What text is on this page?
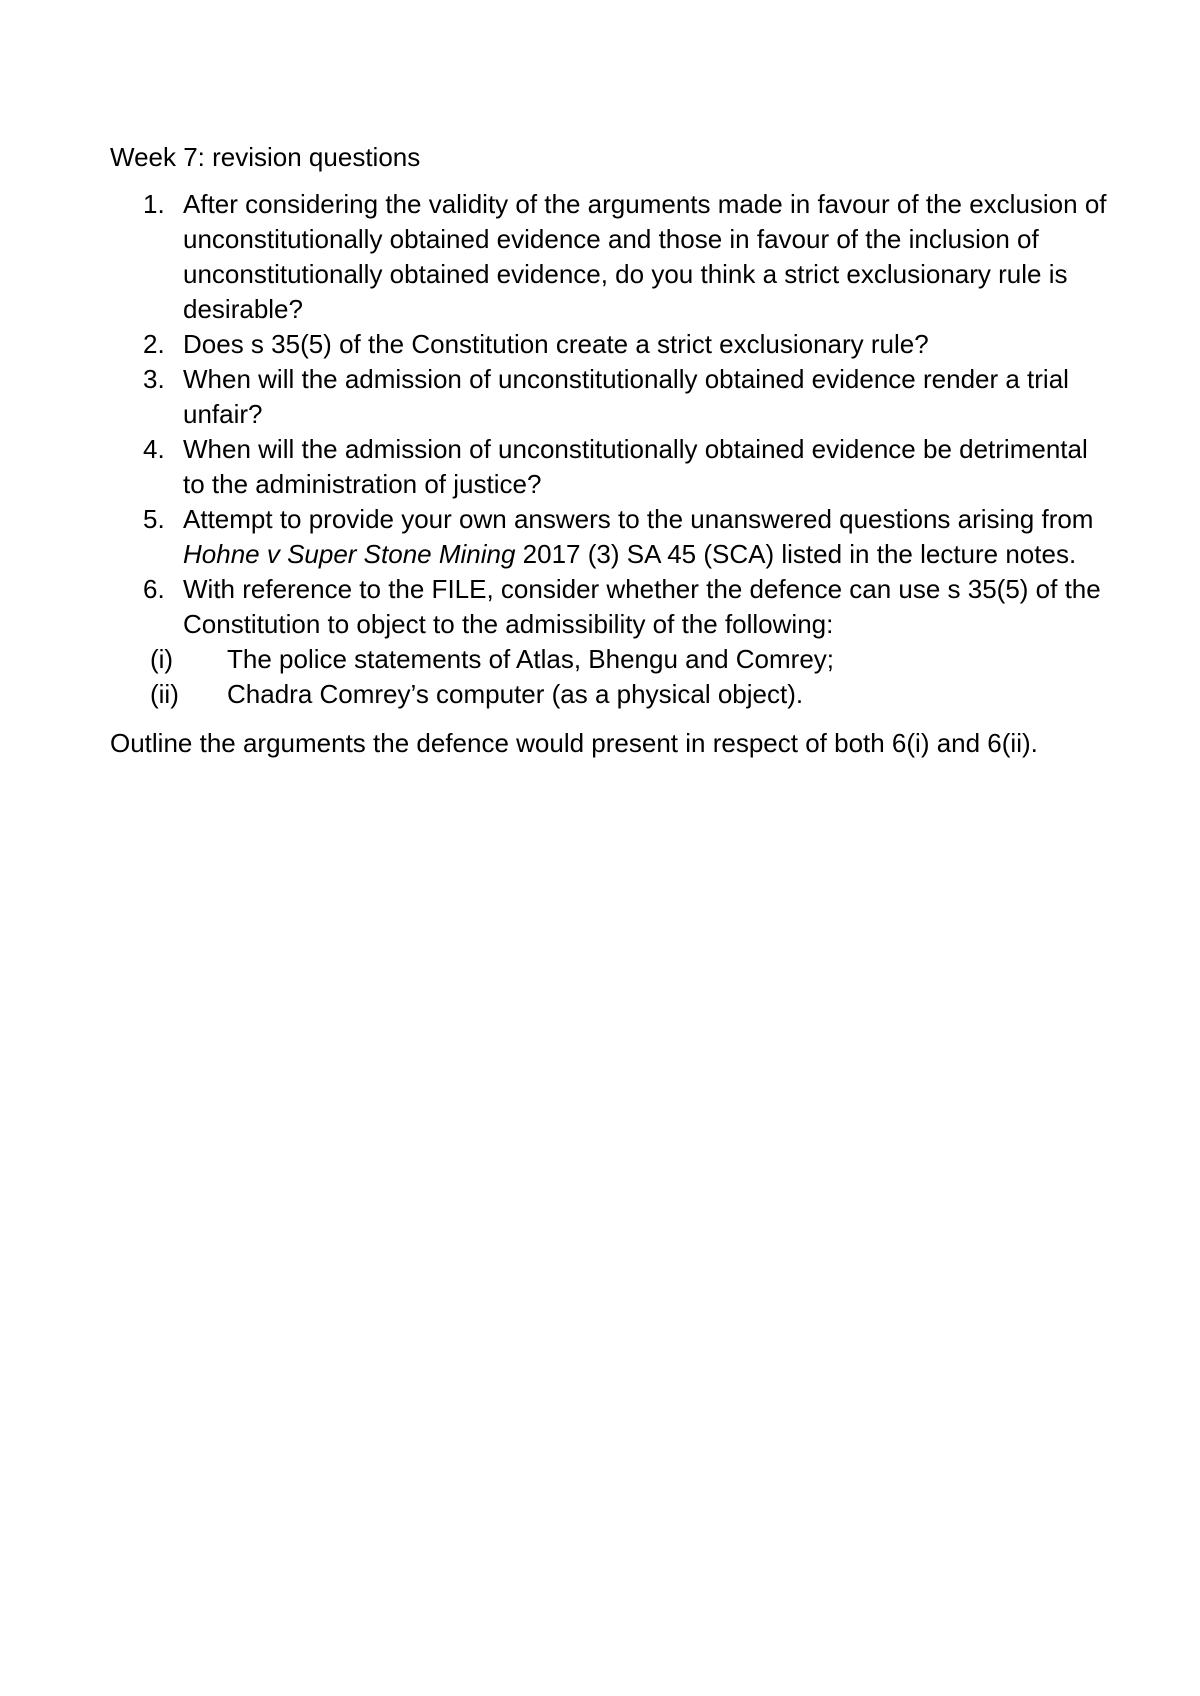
Week 7: revision questions

1. After considering the validity of the arguments made in favour of the exclusion of unconstitutionally obtained evidence and those in favour of the inclusion of unconstitutionally obtained evidence, do you think a strict exclusionary rule is desirable?
2. Does s 35(5) of the Constitution create a strict exclusionary rule?
3. When will the admission of unconstitutionally obtained evidence render a trial unfair?
4. When will the admission of unconstitutionally obtained evidence be detrimental to the administration of justice?
5. Attempt to provide your own answers to the unanswered questions arising from Hohne v Super Stone Mining 2017 (3) SA 45 (SCA) listed in the lecture notes.
6. With reference to the FILE, consider whether the defence can use s 35(5) of the Constitution to object to the admissibility of the following:
(i) The police statements of Atlas, Bhengu and Comrey;
(ii) Chadra Comrey’s computer (as a physical object).

Outline the arguments the defence would present in respect of both 6(i) and 6(ii).
